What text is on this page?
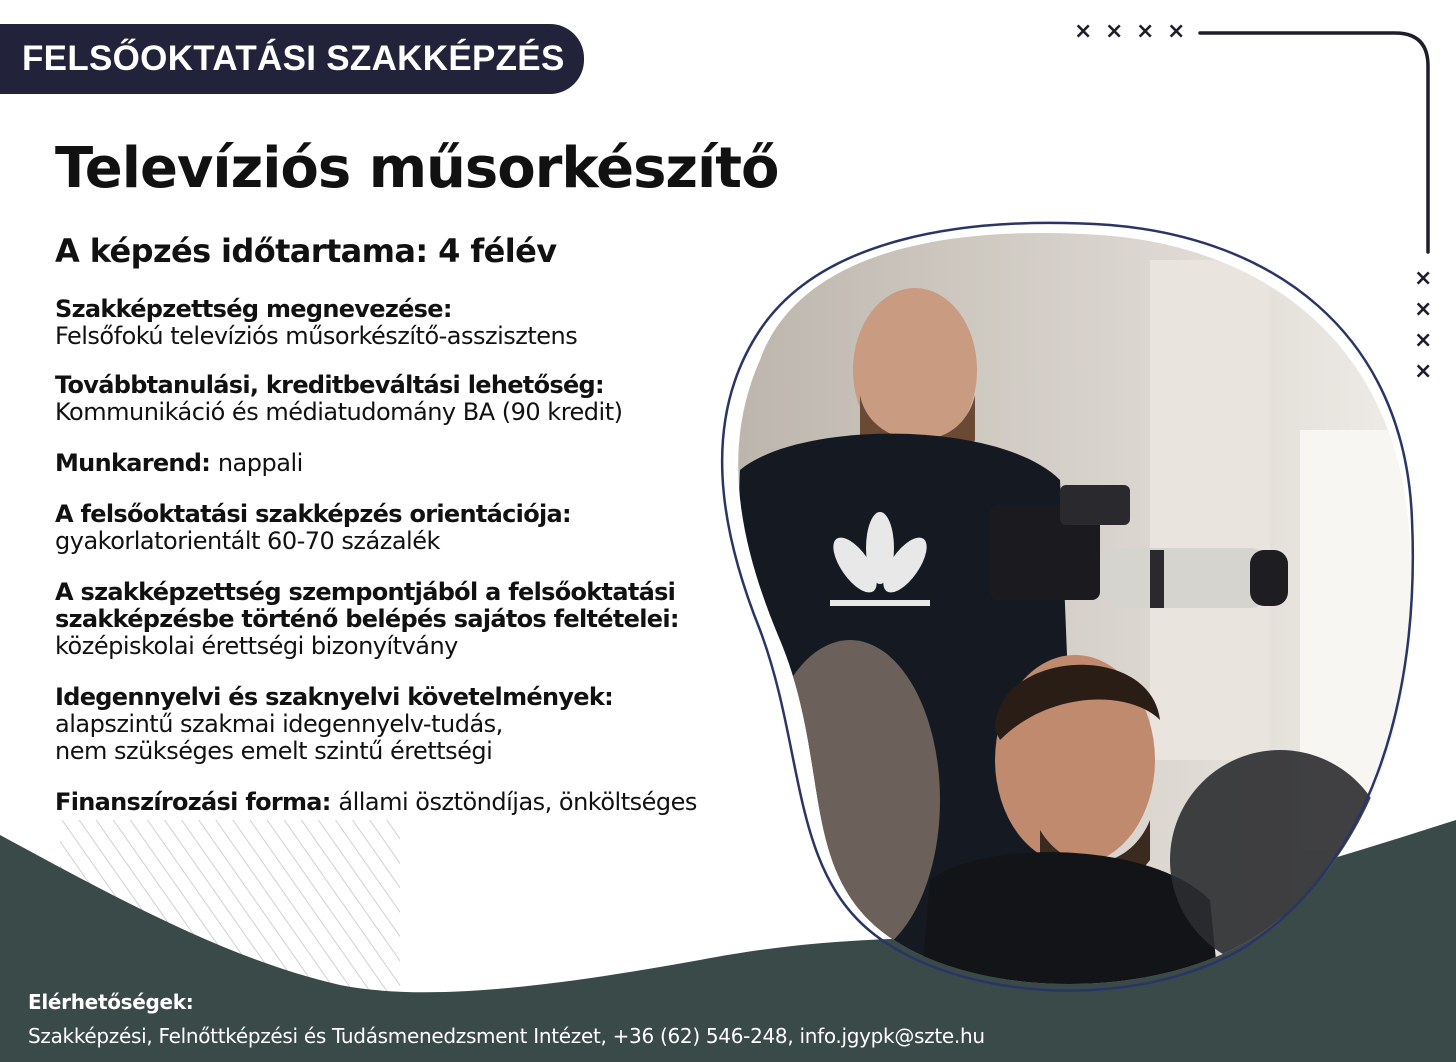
× × × ×
×
×
×
×
FELSŐOKTATÁSI SZAKKÉPZÉS
Televíziós műsorkészítő
A képzés időtartama: 4 félév
Szakképzettség megnevezése:
Felsőfokú televíziós műsorkészítő-asszisztens
Továbbtanulási, kreditbeváltási lehetőség:
Kommunikáció és médiatudomány BA (90 kredit)
Munkarend: nappali
A felsőoktatási szakképzés orientációja:
gyakorlatorientált 60-70 százalék
A szakképzettség szempontjából a felsőoktatási
szakképzésbe történő belépés sajátos feltételei:
középiskolai érettségi bizonyítvány
Idegennyelvi és szaknyelvi követelmények:
alapszintű szakmai idegennyelv-tudás,
nem szükséges emelt szintű érettségi
Finanszírozási forma: állami ösztöndíjas, önköltséges
Elérhetőségek:
Szakképzési, Felnőttképzési és Tudásmenedzsment Intézet, +36 (62) 546-248, info.jgypk@szte.hu
